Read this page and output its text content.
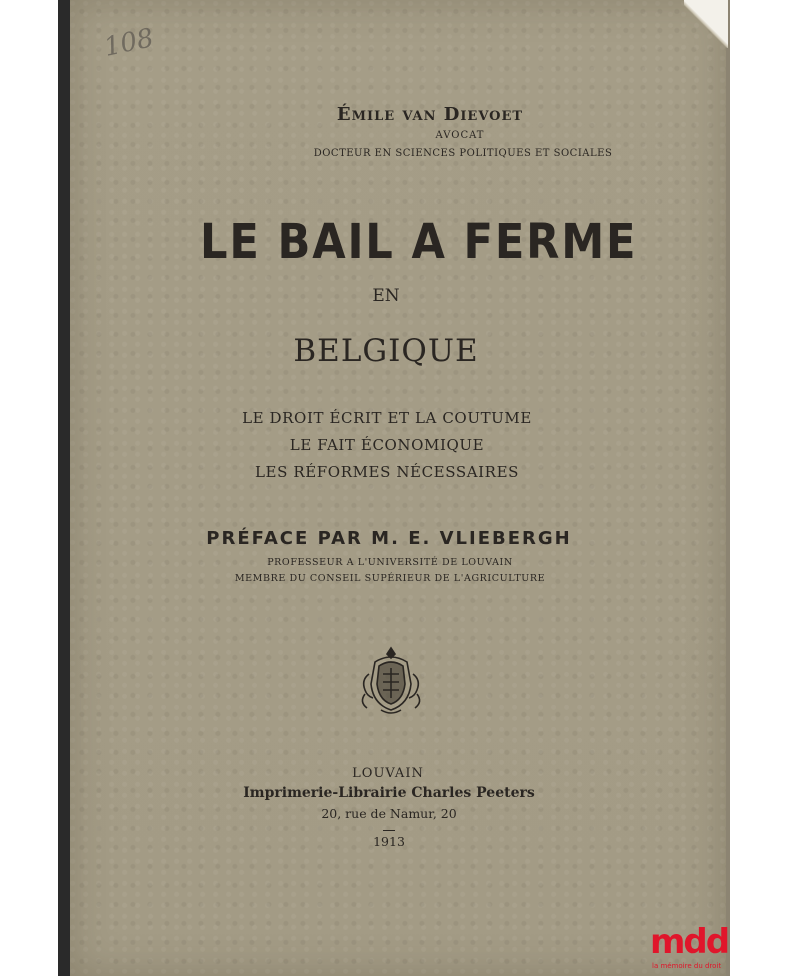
108
Émile van Dievoet
AVOCAT
DOCTEUR EN SCIENCES POLITIQUES ET SOCIALES
LE BAIL A FERME
EN
BELGIQUE
LE DROIT ÉCRIT ET LA COUTUME
LE FAIT ÉCONOMIQUE
LES RÉFORMES NÉCESSAIRES
PRÉFACE PAR M. E. VLIEBERGH
PROFESSEUR A L'UNIVERSITÉ DE LOUVAIN
MEMBRE DU CONSEIL SUPÉRIEUR DE L'AGRICULTURE
LOUVAIN
Imprimerie-Librairie Charles Peeters
20, rue de Namur, 20
1913
mdd
la mémoire du droit
